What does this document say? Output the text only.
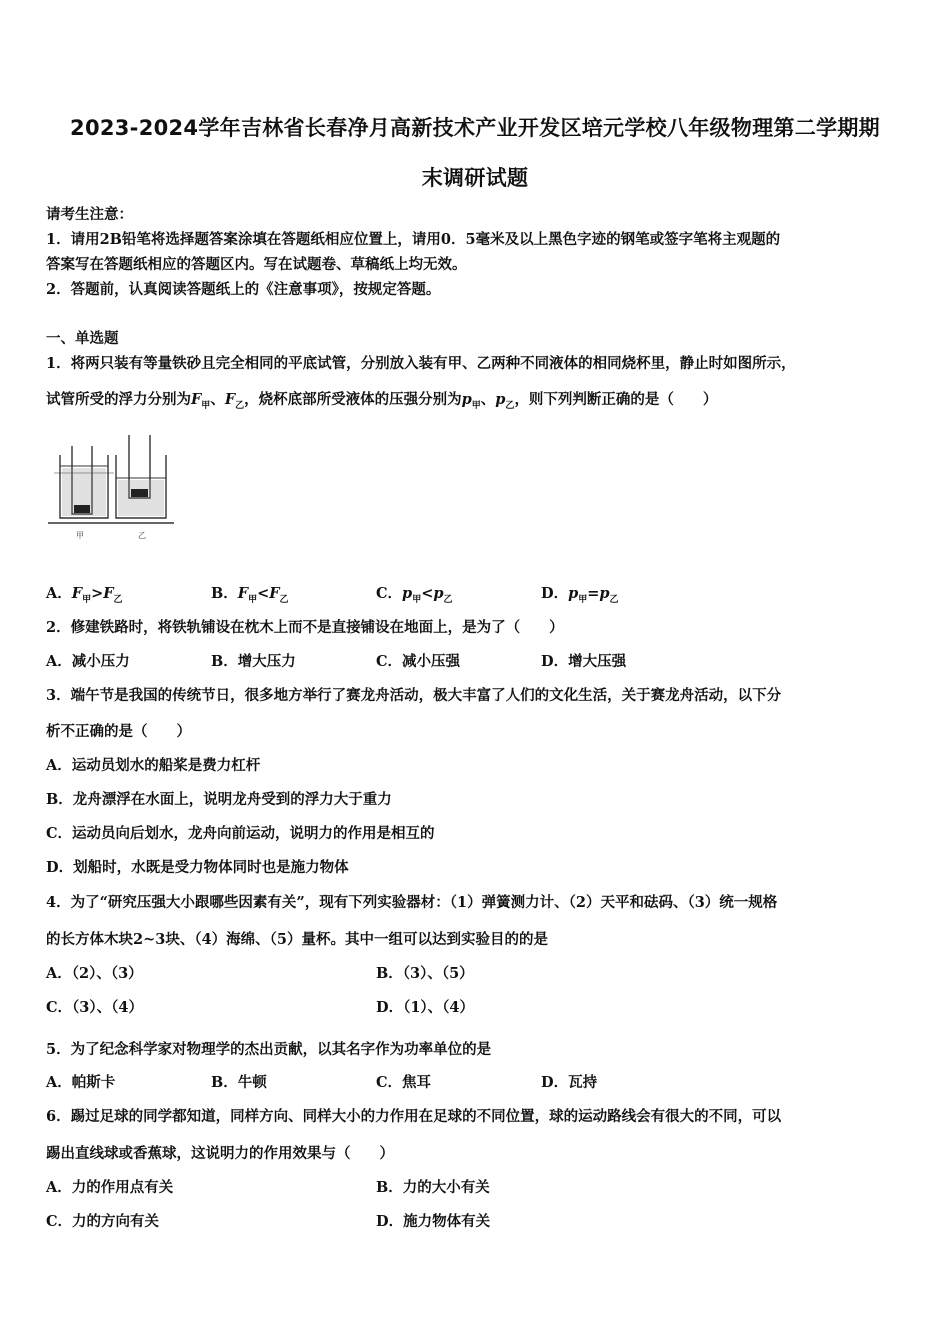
2023-2024学年吉林省长春净月高新技术产业开发区培元学校八年级物理第二学期期
末调研试题
请考生注意：
1．请用2B铅笔将选择题答案涂填在答题纸相应位置上，请用0．5毫米及以上黑色字迹的钢笔或签字笔将主观题的
答案写在答题纸相应的答题区内。写在试题卷、草稿纸上均无效。
2．答题前，认真阅读答题纸上的《注意事项》，按规定答题。
一、单选题
1．将两只装有等量铁砂且完全相同的平底试管，分别放入装有甲、乙两种不同液体的相同烧杯里，静止时如图所示，
试管所受的浮力分别为$F_甲$、$F_乙$，烧杯底部所受液体的压强分别为$p_甲$、$p_乙$，则下列判断正确的是（　　）
甲	乙
A．$F_甲>F_乙$	B．$F_甲<F_乙$	C．$p_甲<p_乙$	D．$p_甲=p_乙$
2．修建铁路时，将铁轨铺设在枕木上而不是直接铺设在地面上，是为了（　　）
A．减小压力	B．增大压力	C．减小压强	D．增大压强
3．端午节是我国的传统节日，很多地方举行了赛龙舟活动，极大丰富了人们的文化生活，关于赛龙舟活动，以下分
析不正确的是（　　）
A．运动员划水的船桨是费力杠杆
B．龙舟漂浮在水面上，说明龙舟受到的浮力大于重力
C．运动员向后划水，龙舟向前运动，说明力的作用是相互的
D．划船时，水既是受力物体同时也是施力物体
4．为了“研究压强大小跟哪些因素有关”，现有下列实验器材：（1）弹簧测力计、（2）天平和砝码、（3）统一规格
的长方体木块2~3块、（4）海绵、（5）量杯。其中一组可以达到实验目的的是
A．（2）、（3）	B．（3）、（5）
C．（3）、（4）	D．（1）、（4）
5．为了纪念科学家对物理学的杰出贡献，以其名字作为功率单位的是
A．帕斯卡	B．牛顿	C．焦耳	D．瓦持
6．踢过足球的同学都知道，同样方向、同样大小的力作用在足球的不同位置，球的运动路线会有很大的不同，可以
踢出直线球或香蕉球，这说明力的作用效果与（　　）
A．力的作用点有关	B．力的大小有关
C．力的方向有关	D．施力物体有关
